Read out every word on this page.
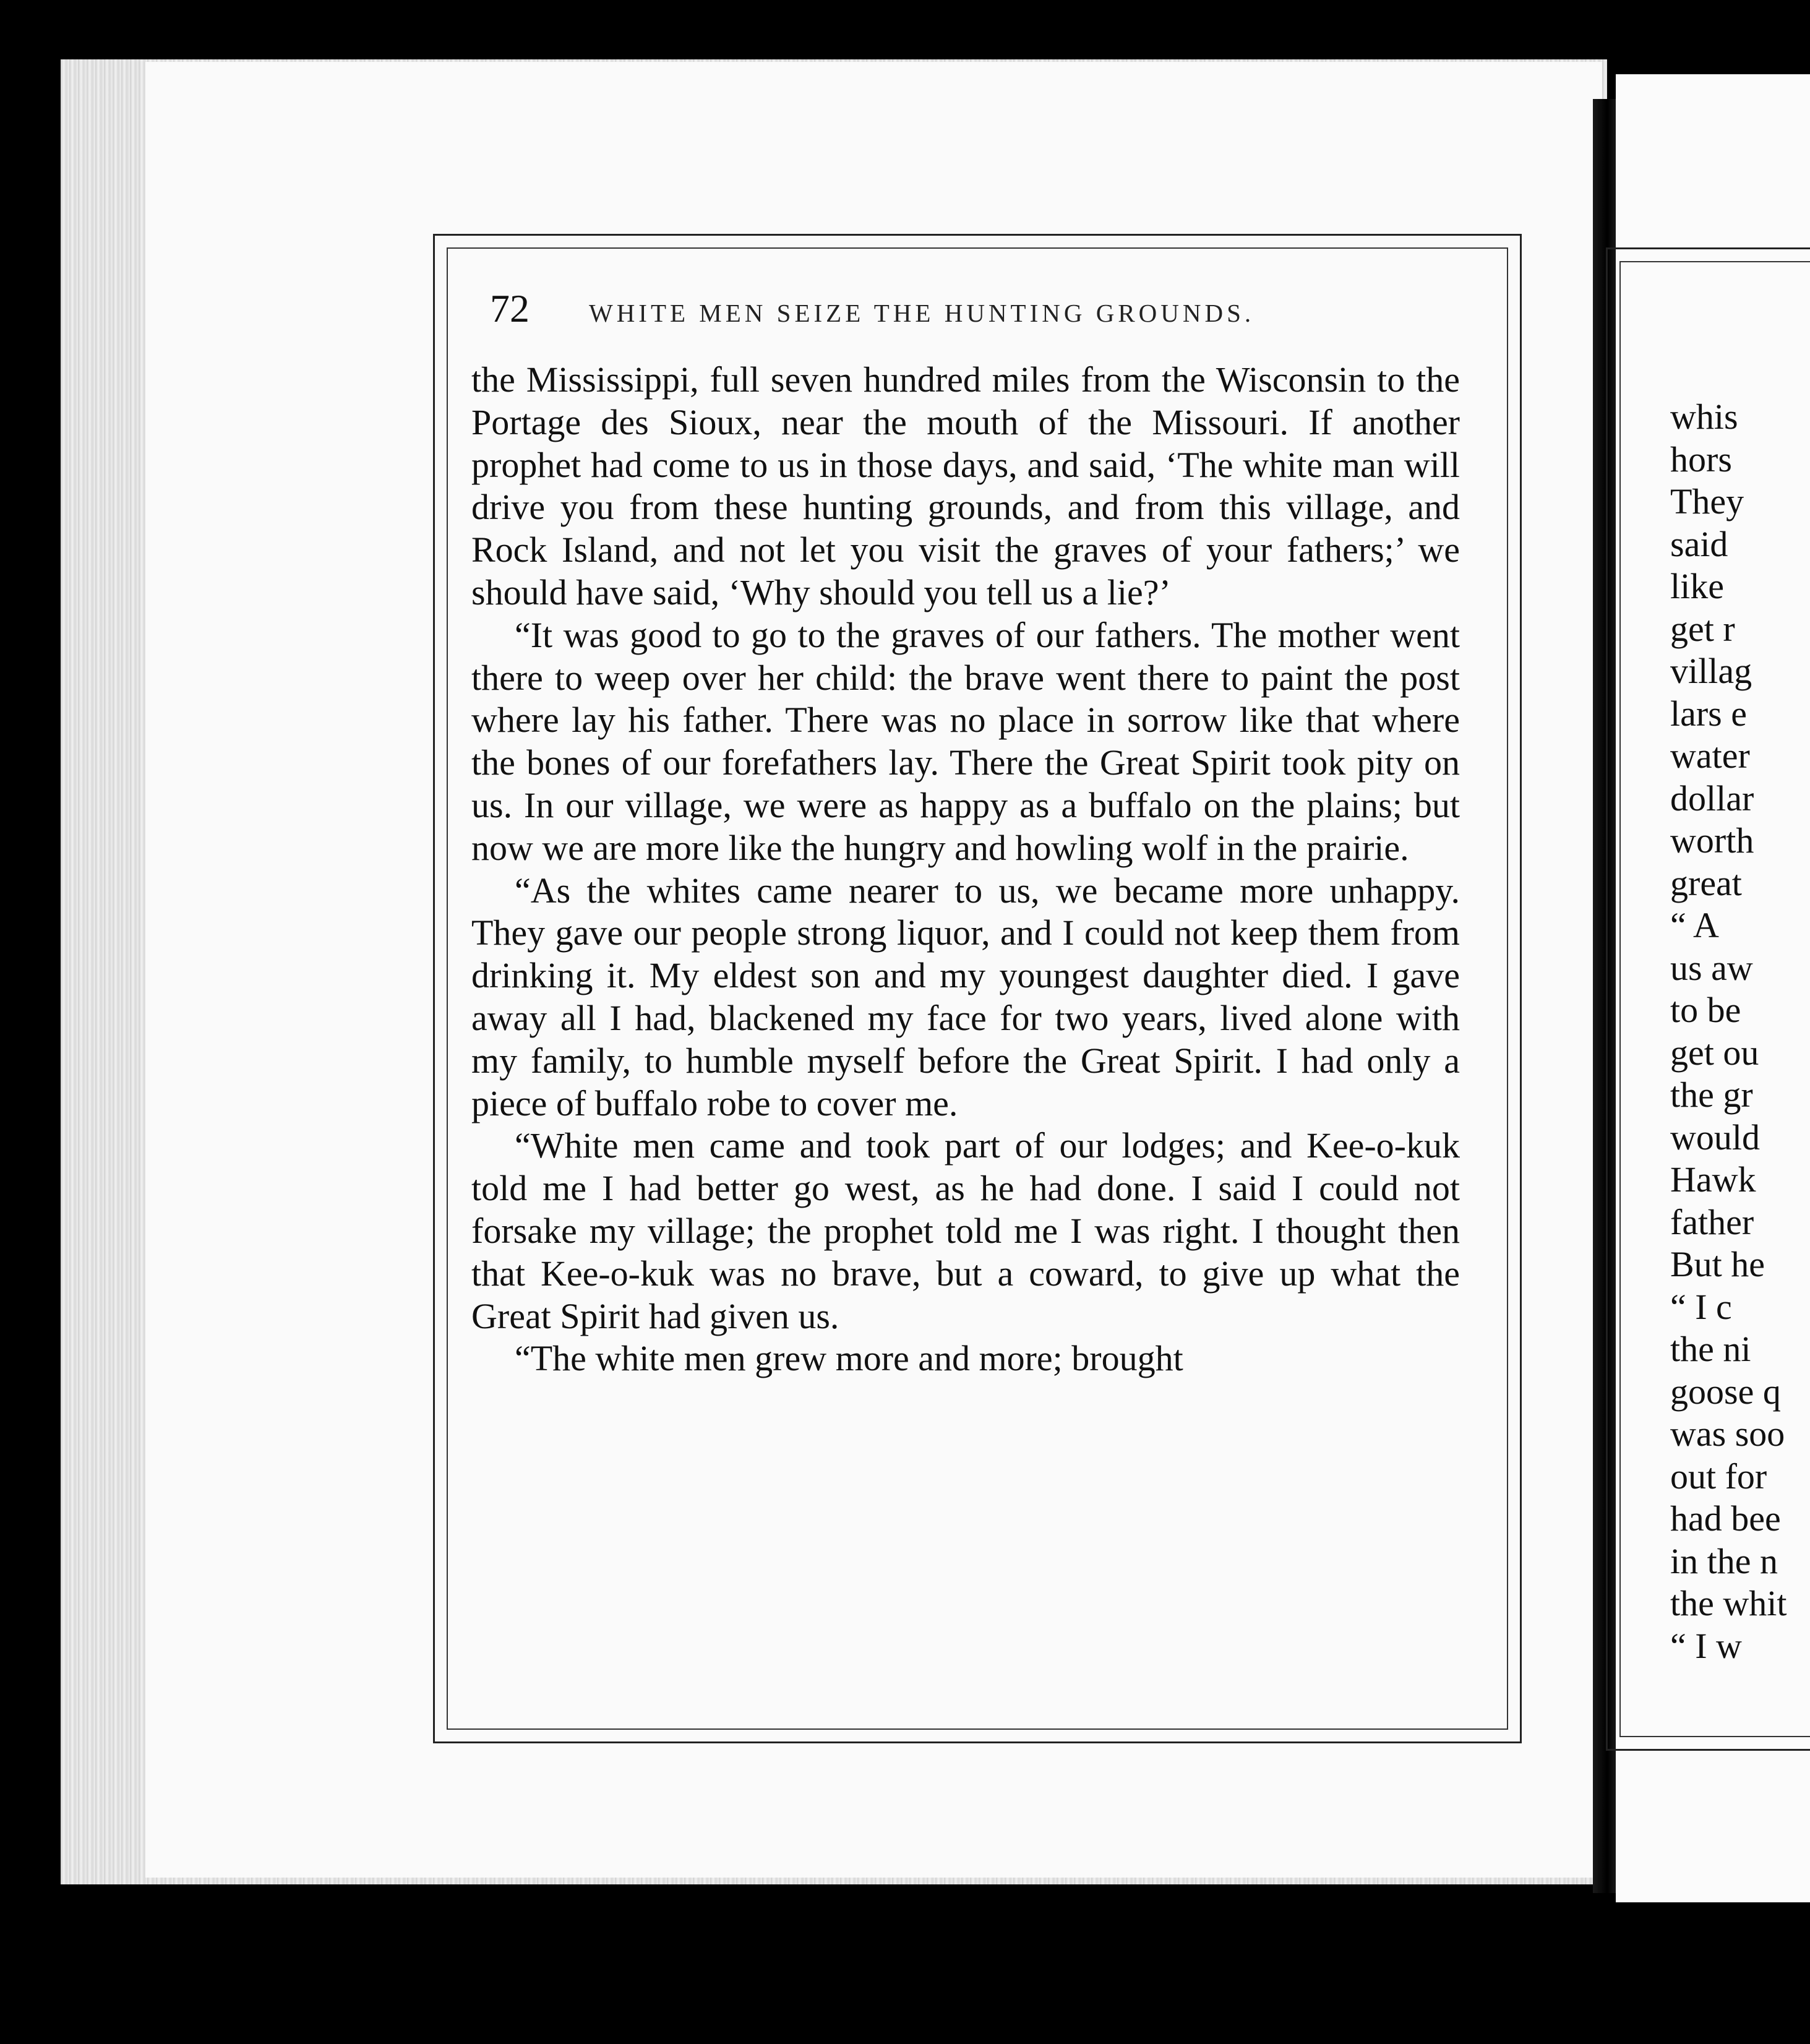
72 WHITE MEN SEIZE THE HUNTING GROUNDS.

the Mississippi, full seven hundred miles from the Wisconsin to the Portage des Sioux, near the mouth of the Missouri. If another prophet had come to us in those days, and said, ‘The white man will drive you from these hunting grounds, and from this village, and Rock Island, and not let you visit the graves of your fathers;’ we should have said, ‘Why should you tell us a lie?’

“It was good to go to the graves of our fathers. The mother went there to weep over her child: the brave went there to paint the post where lay his father. There was no place in sorrow like that where the bones of our forefathers lay. There the Great Spirit took pity on us. In our village, we were as happy as a buffalo on the plains; but now we are more like the hungry and howling wolf in the prairie.

“As the whites came nearer to us, we became more unhappy. They gave our people strong liquor, and I could not keep them from drinking it. My eldest son and my youngest daughter died. I gave away all I had, blackened my face for two years, lived alone with my family, to humble myself before the Great Spirit. I had only a piece of buffalo robe to cover me.

“White men came and took part of our lodges; and Kee-o-kuk told me I had better go west, as he had done. I said I could not forsake my village; the prophet told me I was right. I thought then that Kee-o-kuk was no brave, but a coward, to give up what the Great Spirit had given us.

“The white men grew more and more; brought

whis
hors
They
said
like
get r
villag
lars e
water
dollar
worth
great
“ A
us aw
to be
get ou
the gr
would
Hawk
father
But he
“ I c
the ni
goose q
was soo
out for
had bee
in the n
the whit
“ I w
